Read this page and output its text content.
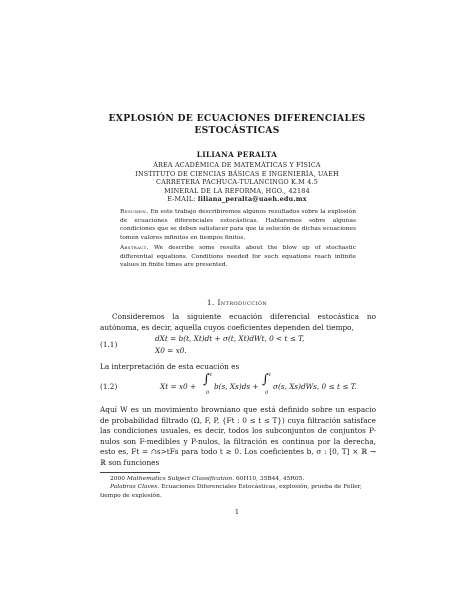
EXPLOSIÓN DE ECUACIONES DIFERENCIALES
ESTOCÁSTICAS
LILIANA PERALTA
ÁREA ACADÉMICA DE MATEMÁTICAS Y FÍSICA
INSTITUTO DE CIENCIAS BÁSICAS E INGENIERÍA, UAEH
CARRETERA PACHUCA-TULANCINGO K.M 4.5
MINERAL DE LA REFORMA, HGO., 42184
E-MAIL: liliana_peralta@uaeh.edu.mx
Resumen. En este trabajo describiremos algunos resultados sobre la explosión de ecuaciones diferenciales estocásticas. Hablaremos sobre algunas condiciones que se deben satisfacer para que la solución de dichas ecuaciones tomen valores infinitos en tiempos finitos.
Abstract. We describe some results about the blow up of stochastic differential equations. Conditions needed for such equations reach infinite values in finite times are presented.
1. Introducción

Consideremos la siguiente ecuación diferencial estocástica no autónoma, es decir, aquella cuyos coeficientes dependen del tiempo,

(1.1)
dXt = b(t, Xt)dt + σ(t, Xt)dWt, 0 < t ≤ T,
X0 = x0.

La interpretación de esta ecuación es

(1.2)	Xt = x0 + ∫ t
0
b(s, Xs)ds + ∫ t
0
σ(s, Xs)dWs, 0 ≤ t ≤ T.

Aquí W es un movimiento browniano que está definido sobre un espacio de probabilidad filtrado (Ω, F, P, {Ft : 0 ≤ t ≤ T}) cuya filtración satisface las condiciones usuales, es decir, todos los subconjuntos de conjuntos P-nulos son F-medibles y P-nulos, la filtración es continua por la derecha, esto es, Ft = ∩s>tFs para todo t ≥ 0. Los coeficientes b, σ : [0, T] × ℝ → ℝ son funciones

2000 Mathematics Subject Classification. 60H10, 35B44, 45R05.
Palabras Claves. Ecuaciones Diferenciales Estocásticas, explosión, prueba de Feller, tiempo de explosión.
1
